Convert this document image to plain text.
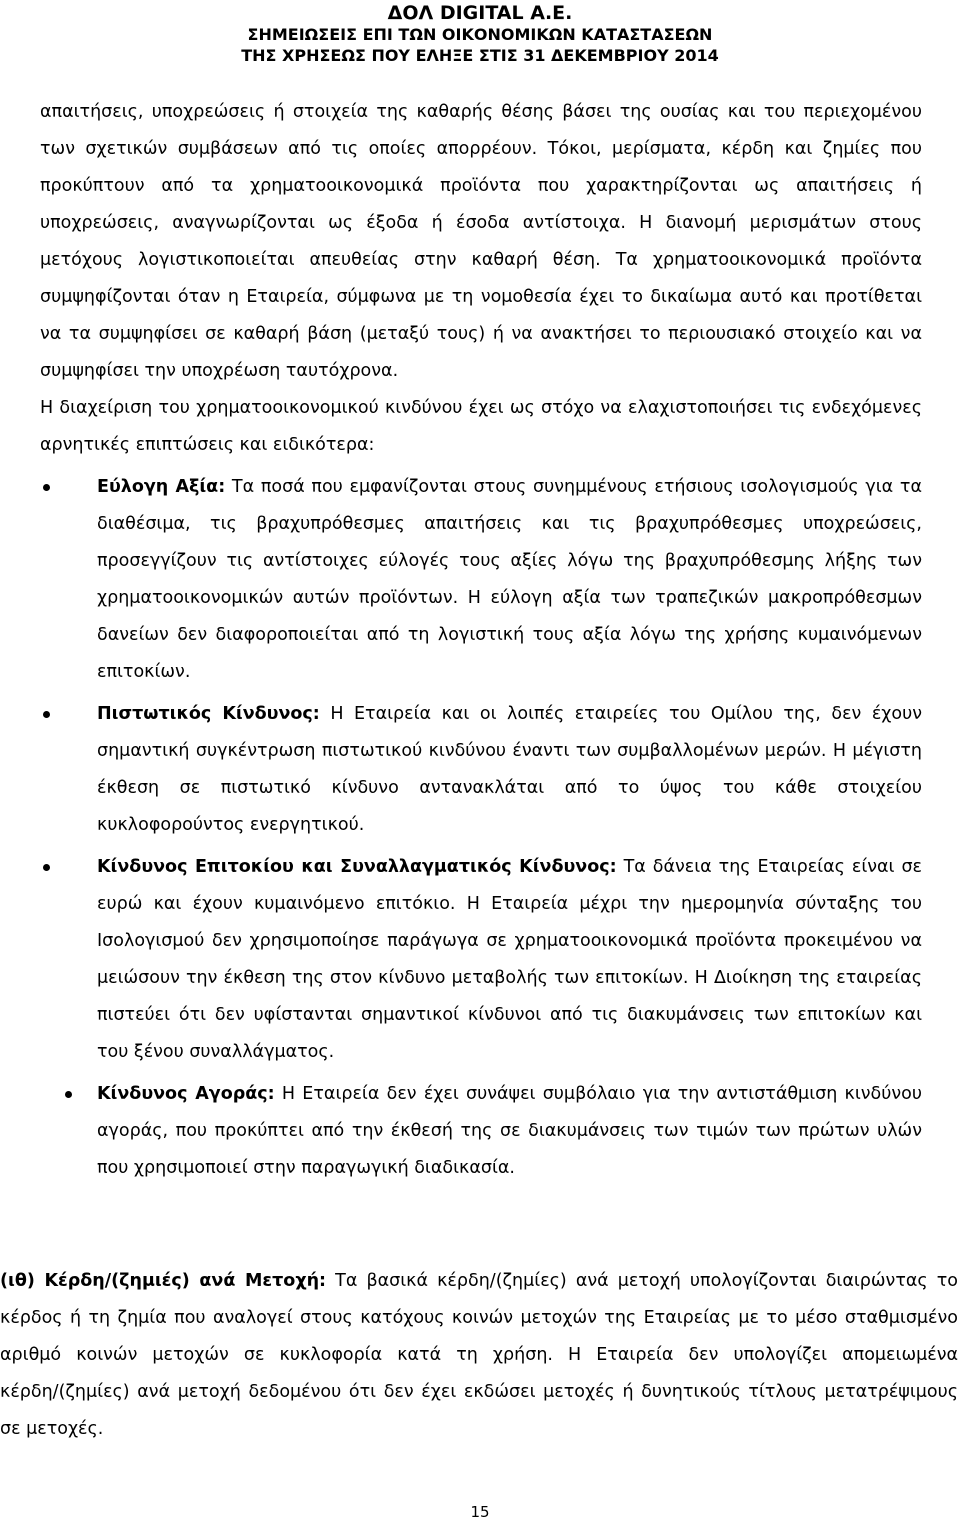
ΔΟΛ DIGITAL Α.Ε.
ΣΗΜΕΙΩΣΕΙΣ ΕΠΙ ΤΩΝ ΟΙΚΟΝΟΜΙΚΩΝ ΚΑΤΑΣΤΑΣΕΩΝ
ΤΗΣ ΧΡΗΣΕΩΣ ΠΟΥ ΕΛΗΞΕ ΣΤΙΣ 31 ΔΕΚΕΜΒΡΙΟΥ 2014

απαιτήσεις, υποχρεώσεις ή στοιχεία της καθαρής θέσης βάσει της ουσίας και του περιεχομένου των σχετικών συμβάσεων από τις οποίες απορρέουν. Τόκοι, μερίσματα, κέρδη και ζημίες που προκύπτουν από τα χρηματοοικονομικά προϊόντα που χαρακτηρίζονται ως απαιτήσεις ή υποχρεώσεις, αναγνωρίζονται ως έξοδα ή έσοδα αντίστοιχα. Η διανομή μερισμάτων στους μετόχους λογιστικοποιείται απευθείας στην καθαρή θέση. Τα χρηματοοικονομικά προϊόντα συμψηφίζονται όταν η Εταιρεία, σύμφωνα με τη νομοθεσία έχει το δικαίωμα αυτό και προτίθεται να τα συμψηφίσει σε καθαρή βάση (μεταξύ τους) ή να ανακτήσει το περιουσιακό στοιχείο και να συμψηφίσει την υποχρέωση ταυτόχρονα.

Η διαχείριση του χρηματοοικονομικού κινδύνου έχει ως στόχο να ελαχιστοποιήσει τις ενδεχόμενες αρνητικές επιπτώσεις και ειδικότερα:

Εύλογη Αξία: Τα ποσά που εμφανίζονται στους συνημμένους ετήσιους ισολογισμούς για τα διαθέσιμα, τις βραχυπρόθεσμες απαιτήσεις και τις βραχυπρόθεσμες υποχρεώσεις, προσεγγίζουν τις αντίστοιχες εύλογές τους αξίες λόγω της βραχυπρόθεσμης λήξης των χρηματοοικονομικών αυτών προϊόντων. Η εύλογη αξία των τραπεζικών μακροπρόθεσμων δανείων δεν διαφοροποιείται από τη λογιστική τους αξία λόγω της χρήσης κυμαινόμενων επιτοκίων.
Πιστωτικός Κίνδυνος: Η Εταιρεία και οι λοιπές εταιρείες του Ομίλου της, δεν έχουν σημαντική συγκέντρωση πιστωτικού κινδύνου έναντι των συμβαλλομένων μερών. Η μέγιστη έκθεση σε πιστωτικό κίνδυνο αντανακλάται από το ύψος του κάθε στοιχείου κυκλοφορούντος ενεργητικού.
Κίνδυνος Επιτοκίου και Συναλλαγματικός Κίνδυνος: Τα δάνεια της Εταιρείας είναι σε ευρώ και έχουν κυμαινόμενο επιτόκιο. Η Εταιρεία μέχρι την ημερομηνία σύνταξης του Ισολογισμού δεν χρησιμοποίησε παράγωγα σε χρηματοοικονομικά προϊόντα προκειμένου να μειώσουν την έκθεση της στον κίνδυνο μεταβολής των επιτοκίων. Η Διοίκηση της εταιρείας πιστεύει ότι δεν υφίστανται σημαντικοί κίνδυνοι από τις διακυμάνσεις των επιτοκίων και του ξένου συναλλάγματος.
Κίνδυνος Αγοράς: Η Εταιρεία δεν έχει συνάψει συμβόλαιο για την αντιστάθμιση κινδύνου αγοράς, που προκύπτει από την έκθεσή της σε διακυμάνσεις των τιμών των πρώτων υλών που χρησιμοποιεί στην παραγωγική διαδικασία.
(ιθ) Κέρδη/(ζημιές) ανά Μετοχή: Τα βασικά κέρδη/(ζημίες) ανά μετοχή υπολογίζονται διαιρώντας το κέρδος ή τη ζημία που αναλογεί στους κατόχους κοινών μετοχών της Εταιρείας με το μέσο σταθμισμένο αριθμό κοινών μετοχών σε κυκλοφορία κατά τη χρήση. Η Εταιρεία δεν υπολογίζει απομειωμένα κέρδη/(ζημίες) ανά μετοχή δεδομένου ότι δεν έχει εκδώσει μετοχές ή δυνητικούς τίτλους μετατρέψιμους σε μετοχές.
15
